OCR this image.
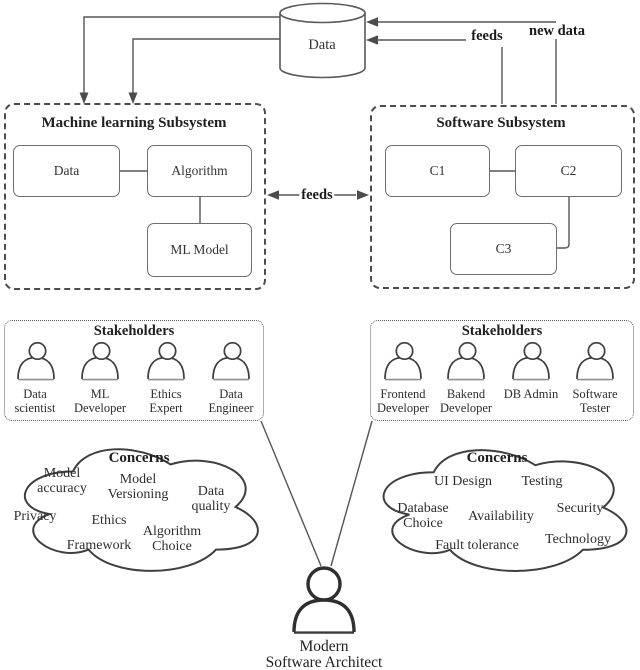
Machine learning Subsystem
Data	Algorithm
ML Model
Software Subsystem
C1	C2
C3
Data
feeds new data
feeds
Stakeholders
Data scientist
ML Developer
Ethics Expert
Data Engineer
Stakeholders
Frontend Developer
Bakend Developer
DB Admin	Software Tester
Concerns
Model accuracy
Model Versioning	Data quality
Privacy	Ethics
Algorithm Choice
Framework
Concerns
UI Design Testing
Database Choice	Availability
Security
Fault tolerance Technology
Modern
Software Architect
